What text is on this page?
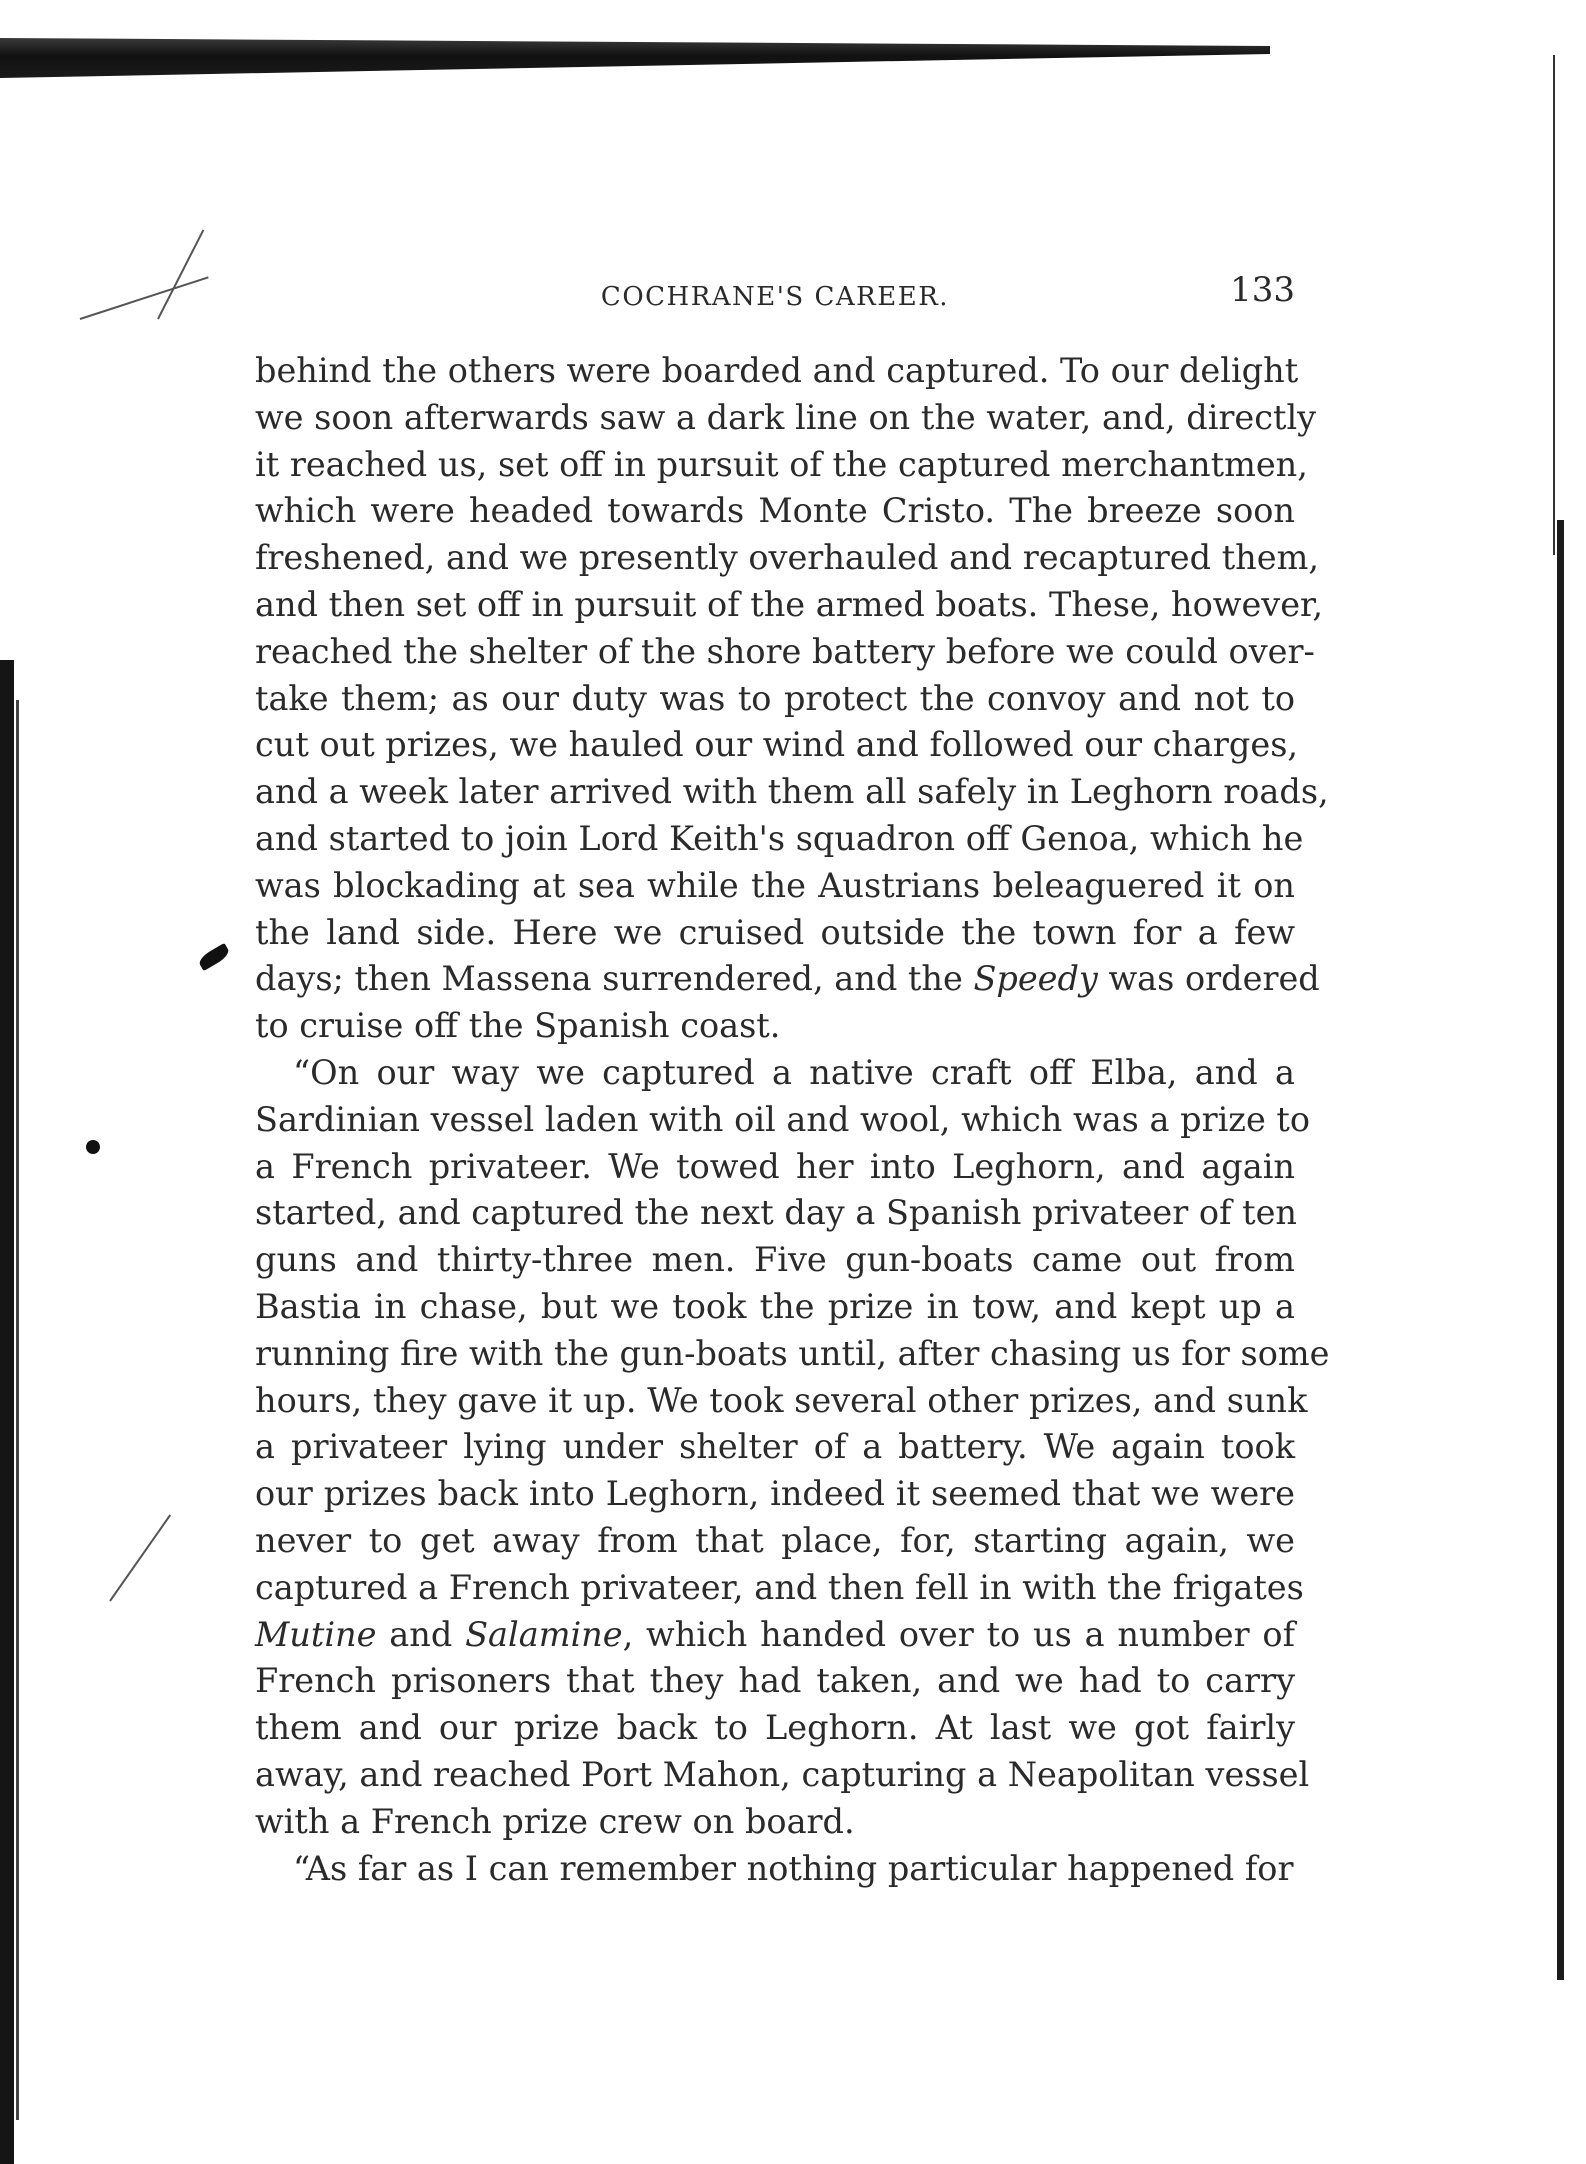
COCHRANE'S CAREER.	133

behind the others were boarded and captured. To our delight
we soon afterwards saw a dark line on the water, and, directly
it reached us, set off in pursuit of the captured merchantmen,
which were headed towards Monte Cristo. The breeze soon
freshened, and we presently overhauled and recaptured them,
and then set off in pursuit of the armed boats. These, however,
reached the shelter of the shore battery before we could over-
take them; as our duty was to protect the convoy and not to
cut out prizes, we hauled our wind and followed our charges,
and a week later arrived with them all safely in Leghorn roads,
and started to join Lord Keith's squadron off Genoa, which he
was blockading at sea while the Austrians beleaguered it on
the land side. Here we cruised outside the town for a few
days; then Massena surrendered, and the Speedy was ordered
to cruise off the Spanish coast.

“On our way we captured a native craft off Elba, and a
Sardinian vessel laden with oil and wool, which was a prize to
a French privateer. We towed her into Leghorn, and again
started, and captured the next day a Spanish privateer of ten
guns and thirty-three men. Five gun-boats came out from
Bastia in chase, but we took the prize in tow, and kept up a
running fire with the gun-boats until, after chasing us for some
hours, they gave it up. We took several other prizes, and sunk
a privateer lying under shelter of a battery. We again took
our prizes back into Leghorn, indeed it seemed that we were
never to get away from that place, for, starting again, we
captured a French privateer, and then fell in with the frigates
Mutine and Salamine, which handed over to us a number of
French prisoners that they had taken, and we had to carry
them and our prize back to Leghorn. At last we got fairly
away, and reached Port Mahon, capturing a Neapolitan vessel
with a French prize crew on board.

“As far as I can remember nothing particular happened for
